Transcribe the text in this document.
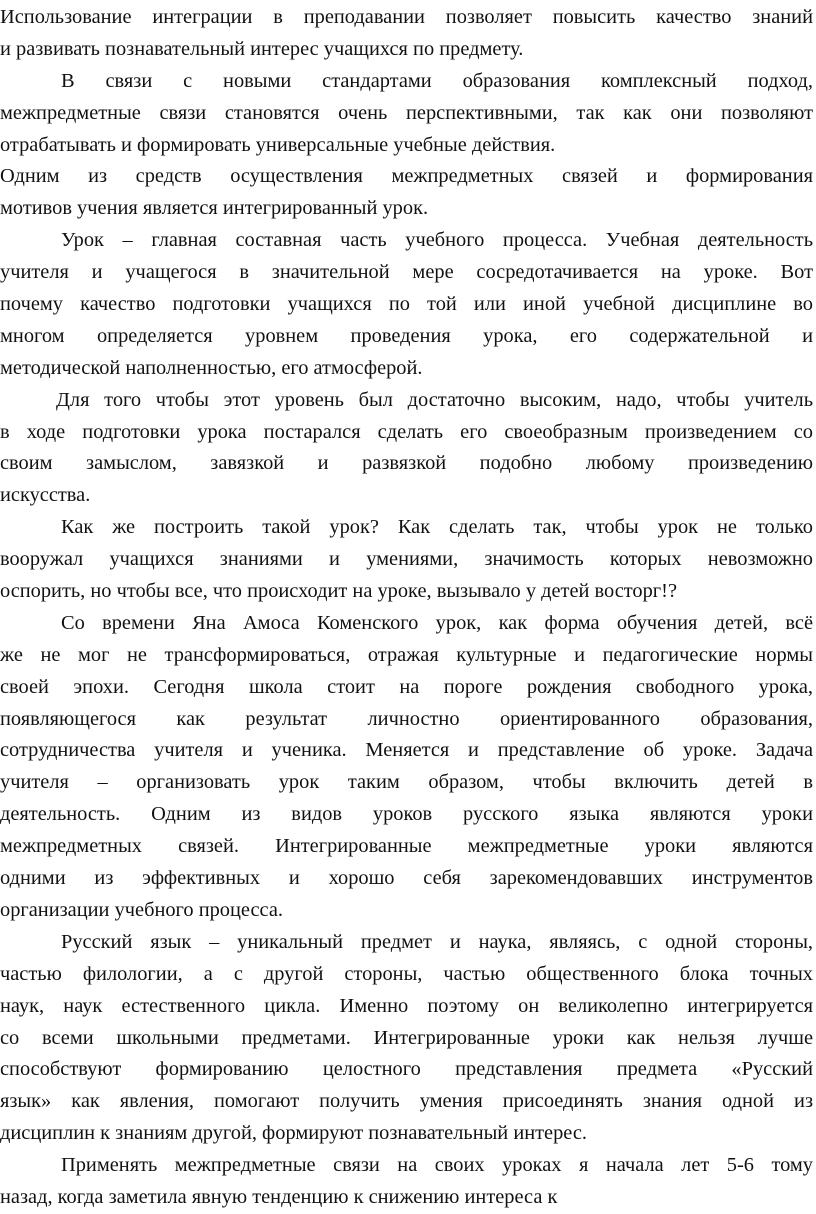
Использование интеграции в преподавании позволяет повысить качество знаний
и развивать познавательный интерес учащихся по предмету.
В связи с новыми стандартами образования комплексный подход,
межпредметные связи становятся очень перспективными, так как они позволяют
отрабатывать и формировать универсальные учебные действия.
Одним из средств осуществления межпредметных связей и формирования
мотивов учения является интегрированный урок.
Урок – главная составная часть учебного процесса. Учебная деятельность
учителя и учащегося в значительной мере сосредотачивается на уроке. Вот
почему качество подготовки учащихся по той или иной учебной дисциплине во
многом определяется уровнем проведения урока, его содержательной и
методической наполненностью, его атмосферой.
Для того чтобы этот уровень был достаточно высоким, надо, чтобы учитель
в ходе подготовки урока постарался сделать его своеобразным произведением со
своим замыслом, завязкой и развязкой подобно любому произведению
искусства.
Как же построить такой урок? Как сделать так, чтобы урок не только
вооружал учащихся знаниями и умениями, значимость которых невозможно
оспорить, но чтобы все, что происходит на уроке, вызывало у детей восторг!?
Со времени Яна Амоса Коменского урок, как форма обучения детей, всё
же не мог не трансформироваться, отражая культурные и педагогические нормы
своей эпохи. Сегодня школа стоит на пороге рождения свободного урока,
появляющегося как результат личностно ориентированного образования,
сотрудничества учителя и ученика. Меняется и представление об уроке. Задача
учителя – организовать урок таким образом, чтобы включить детей в
деятельность. Одним из видов уроков русского языка являются уроки
межпредметных связей. Интегрированные межпредметные уроки являются
одними из эффективных и хорошо себя зарекомендовавших инструментов
организации учебного процесса.
Русский язык – уникальный предмет и наука, являясь, с одной стороны,
частью филологии, а с другой стороны, частью общественного блока точных
наук, наук естественного цикла. Именно поэтому он великолепно интегрируется
со всеми школьными предметами. Интегрированные уроки как нельзя лучше
способствуют формированию целостного представления предмета «Русский
язык» как явления, помогают получить умения присоединять знания одной из
дисциплин к знаниям другой, формируют познавательный интерес.
Применять межпредметные связи на своих уроках я начала лет 5-6 тому
назад, когда заметила явную тенденцию к снижению интереса к
